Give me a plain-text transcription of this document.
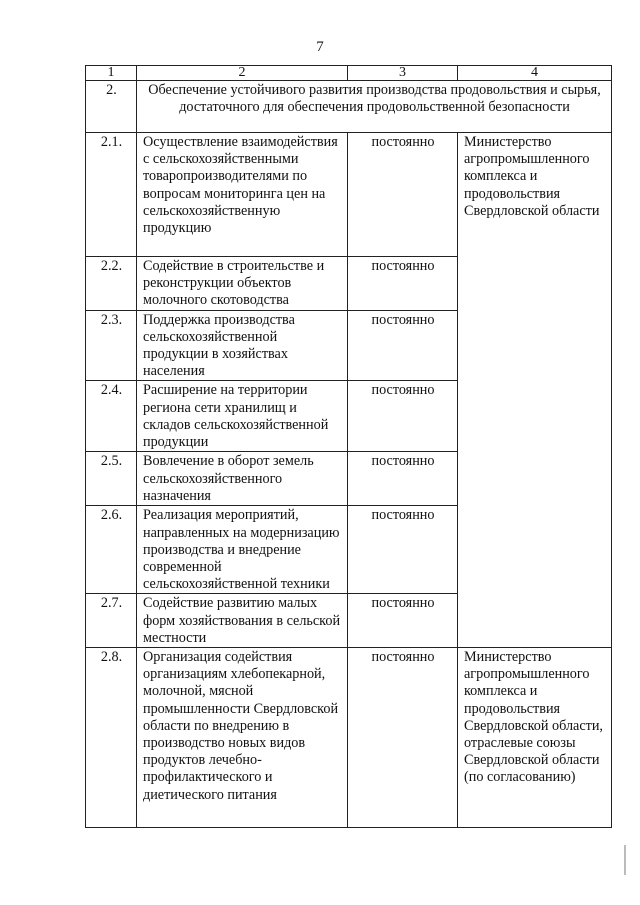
7
1	2	3	4
2.	Обеспечение устойчивого развития производства продовольствия и сырья, достаточного для обеспечения продовольственной безопасности		
2.1.	Осуществление взаимодействия с сельскохозяйственными товаропроизводителями по вопросам мониторинга цен на сельскохозяйственную продукцию	постоянно	Министерство агропромышленного комплекса и продовольствия Свердловской области
2.2.	Содействие в строительстве и реконструкции объектов молочного скотоводства	постоянно	
2.3.	Поддержка производства сельскохозяйственной продукции в хозяйствах населения	постоянно	
2.4.	Расширение на территории региона сети хранилищ и складов сельскохозяйственной продукции	постоянно	
2.5.	Вовлечение в оборот земель сельскохозяйственного назначения	постоянно	
2.6.	Реализация мероприятий, направленных на модернизацию производства и внедрение современной сельскохозяйственной техники	постоянно	
2.7.	Содействие развитию малых форм хозяйствования в сельской местности	постоянно	
2.8.	Организация содействия организациям хлебопекарной, молочной, мясной промышленности Свердловской области по внедрению в производство новых видов продуктов лечебно-профилактического и диетического питания	постоянно	Министерство агропромышленного комплекса и продовольствия Свердловской области, отраслевые союзы Свердловской области (по согласованию)
